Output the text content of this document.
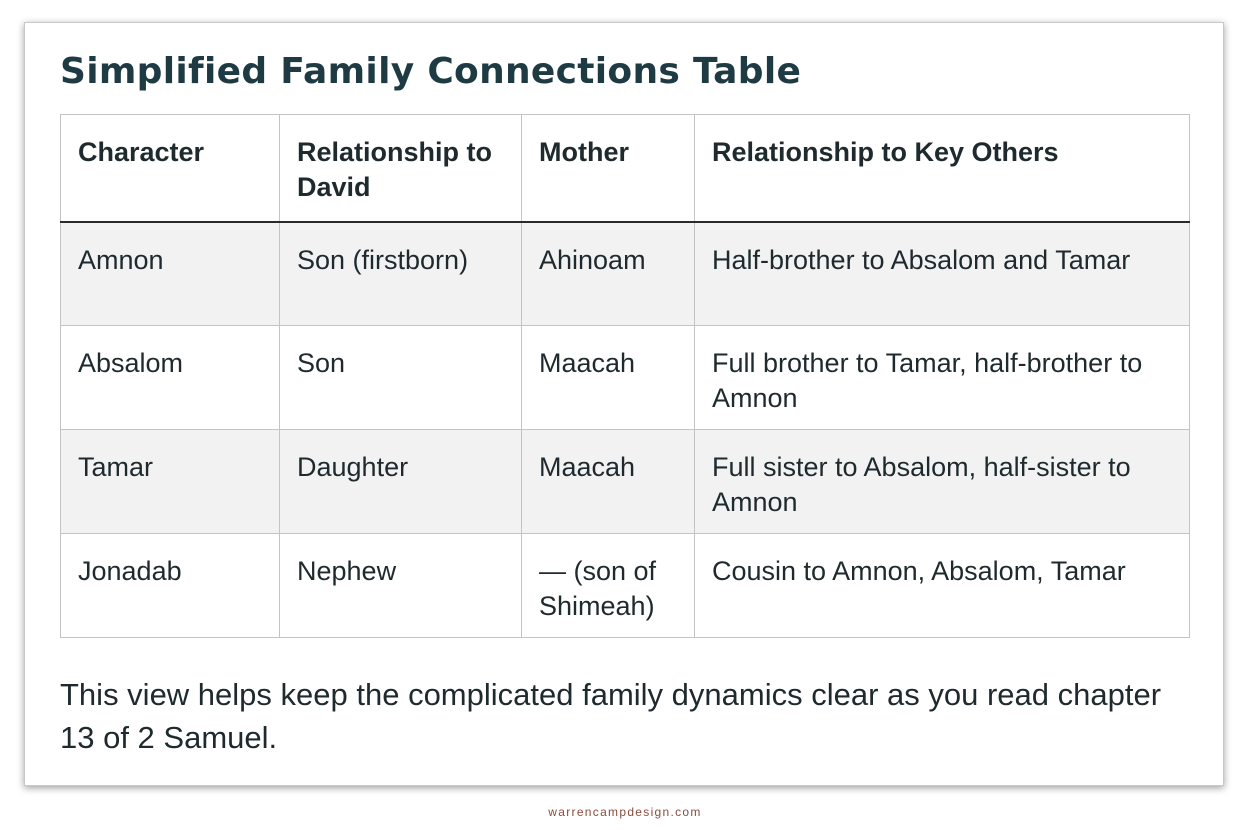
Simplified Family Connections Table
Character	Relationship to David	Mother	Relationship to Key Others
Amnon	Son (firstborn)	Ahinoam	Half-brother to Absalom and Tamar
Absalom	Son	Maacah	Full brother to Tamar, half-brother to Amnon
Tamar	Daughter	Maacah	Full sister to Absalom, half-sister to Amnon
Jonadab	Nephew	— (son of Shimeah)	Cousin to Amnon, Absalom, Tamar

This view helps keep the complicated family dynamics clear as you read chapter 13 of 2 Samuel.

warrencampdesign.com
